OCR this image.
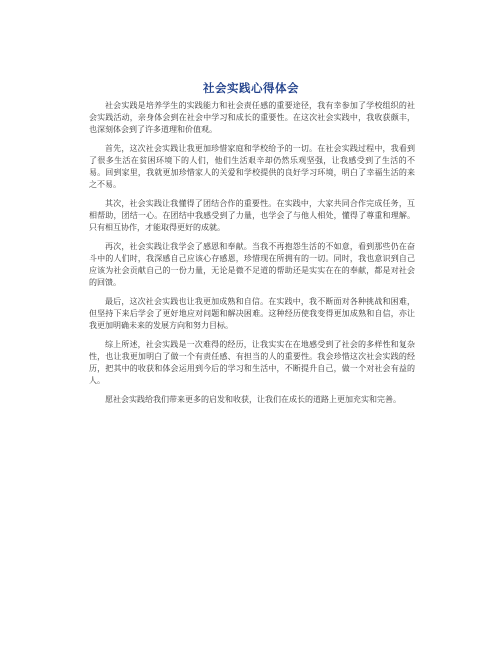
社会实践心得体会

社会实践是培养学生的实践能力和社会责任感的重要途径，我有幸参加了学校组织的社会实践活动，亲身体会到在社会中学习和成长的重要性。在这次社会实践中，我收获颇丰，也深刻体会到了许多道理和价值观。

首先，这次社会实践让我更加珍惜家庭和学校给予的一切。在社会实践过程中，我看到了很多生活在贫困环境下的人们，他们生活艰辛却仍然乐观坚强，让我感受到了生活的不易。回到家里，我就更加珍惜家人的关爱和学校提供的良好学习环境，明白了幸福生活的来之不易。

其次，社会实践让我懂得了团结合作的重要性。在实践中，大家共同合作完成任务，互相帮助，团结一心。在团结中我感受到了力量，也学会了与他人相处，懂得了尊重和理解。只有相互协作，才能取得更好的成就。

再次，社会实践让我学会了感恩和奉献。当我不再抱怨生活的不如意，看到那些仍在奋斗中的人们时，我深感自己应该心存感恩，珍惜现在所拥有的一切。同时，我也意识到自己应该为社会贡献自己的一份力量，无论是微不足道的帮助还是实实在在的奉献，都是对社会的回馈。

最后，这次社会实践也让我更加成熟和自信。在实践中，我不断面对各种挑战和困难，但坚持下来后学会了更好地应对问题和解决困难。这种经历使我变得更加成熟和自信，亦让我更加明确未来的发展方向和努力目标。

综上所述，社会实践是一次难得的经历，让我实实在在地感受到了社会的多样性和复杂性，也让我更加明白了做一个有责任感、有担当的人的重要性。我会珍惜这次社会实践的经历，把其中的收获和体会运用到今后的学习和生活中，不断提升自己，做一个对社会有益的人。

愿社会实践给我们带来更多的启发和收获，让我们在成长的道路上更加充实和完善。
